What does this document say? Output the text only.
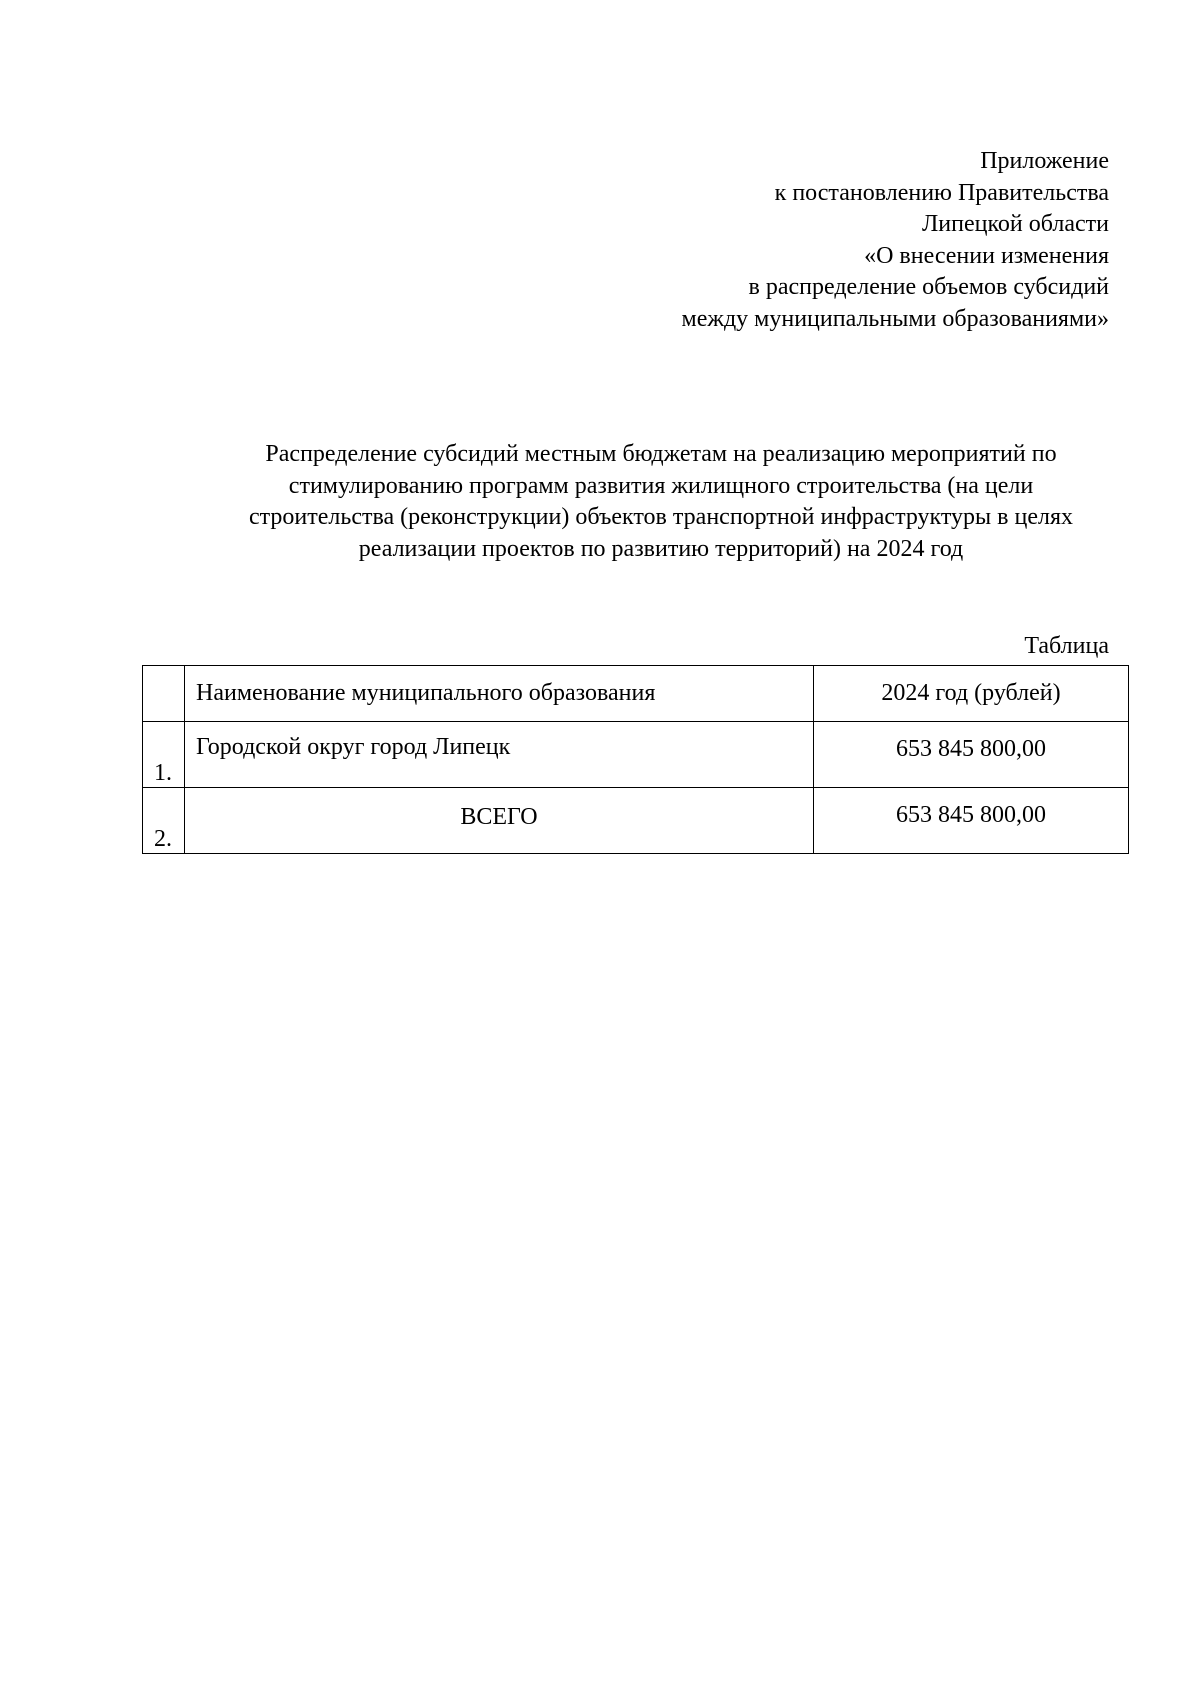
Приложение
к постановлению Правительства
Липецкой области
«О внесении изменения
в распределение объемов субсидий
между муниципальными образованиями»
Распределение субсидий местным бюджетам на реализацию мероприятий по
стимулированию программ развития жилищного строительства (на цели
строительства (реконструкции) объектов транспортной инфраструктуры в целях
реализации проектов по развитию территорий) на 2024 год
Таблица
	Наименование муниципального образования	2024 год (рублей)
1.	Городской округ город Липецк	653 845 800,00
2.	ВСЕГО	653 845 800,00
